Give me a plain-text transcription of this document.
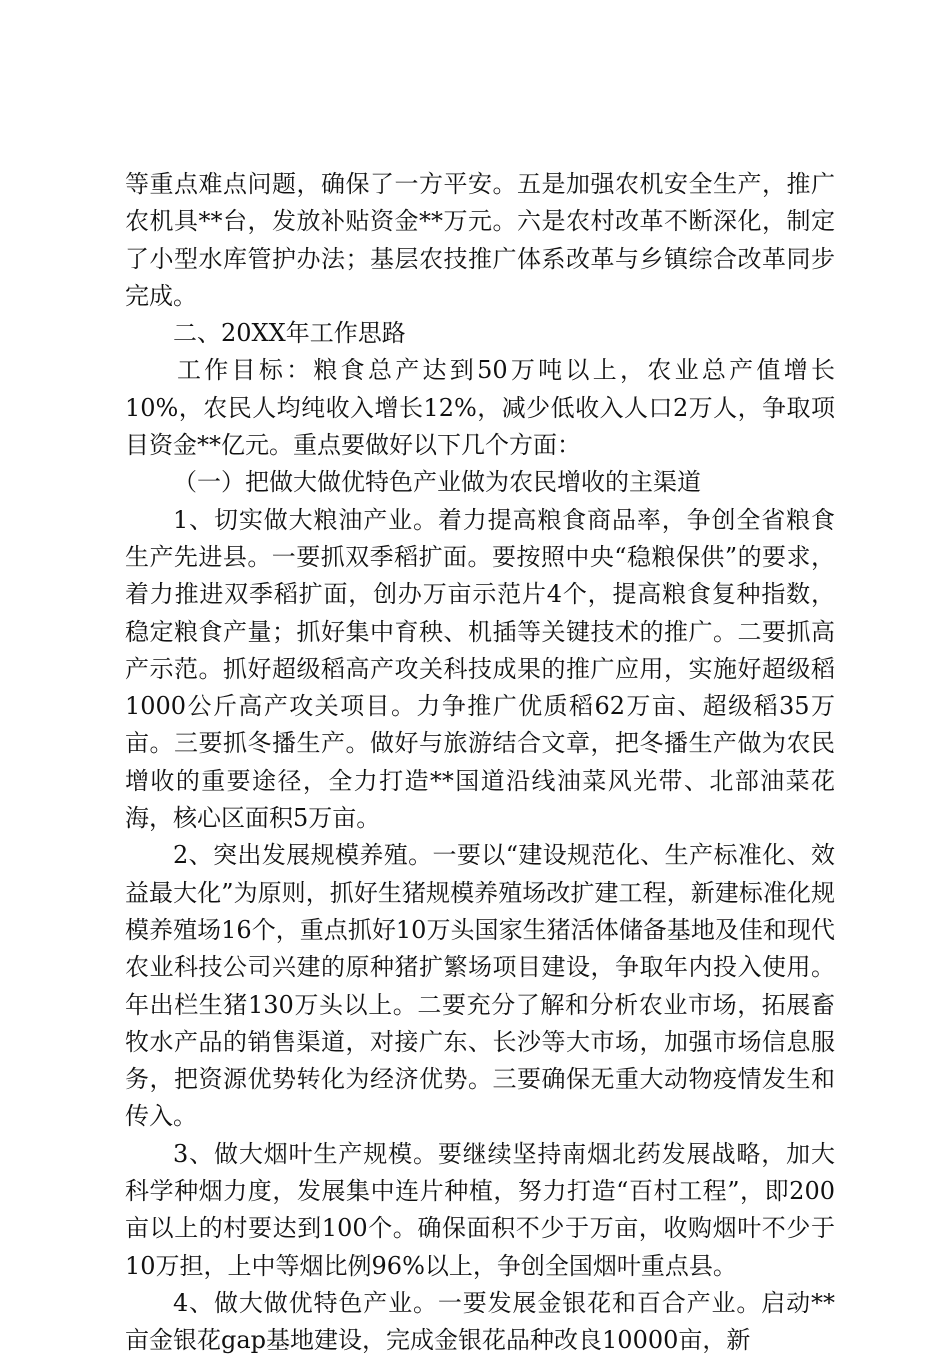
等重点难点问题，确保了一方平安。五是加强农机安全生产，推广农机具**台，发放补贴资金**万元。六是农村改革不断深化，制定了小型水库管护办法；基层农技推广体系改革与乡镇综合改革同步完成。

二、20XX年工作思路

工作目标：粮食总产达到50万吨以上，农业总产值增长10%，农民人均纯收入增长12%，减少低收入人口2万人，争取项目资金**亿元。重点要做好以下几个方面：

（一）把做大做优特色产业做为农民增收的主渠道

1、切实做大粮油产业。着力提高粮食商品率，争创全省粮食生产先进县。一要抓双季稻扩面。要按照中央“稳粮保供”的要求，着力推进双季稻扩面，创办万亩示范片4个，提高粮食复种指数，稳定粮食产量；抓好集中育秧、机插等关键技术的推广。二要抓高产示范。抓好超级稻高产攻关科技成果的推广应用，实施好超级稻1000公斤高产攻关项目。力争推广优质稻62万亩、超级稻35万亩。三要抓冬播生产。做好与旅游结合文章，把冬播生产做为农民增收的重要途径，全力打造**国道沿线油菜风光带、北部油菜花海，核心区面积5万亩。

2、突出发展规模养殖。一要以“建设规范化、生产标准化、效益最大化”为原则，抓好生猪规模养殖场改扩建工程，新建标准化规模养殖场16个，重点抓好10万头国家生猪活体储备基地及佳和现代农业科技公司兴建的原种猪扩繁场项目建设，争取年内投入使用。年出栏生猪130万头以上。二要充分了解和分析农业市场，拓展畜牧水产品的销售渠道，对接广东、长沙等大市场，加强市场信息服务，把资源优势转化为经济优势。三要确保无重大动物疫情发生和传入。

3、做大烟叶生产规模。要继续坚持南烟北药发展战略，加大科学种烟力度，发展集中连片种植，努力打造“百村工程”，即200亩以上的村要达到100个。确保面积不少于万亩，收购烟叶不少于10万担，上中等烟比例96%以上，争创全国烟叶重点县。

4、做大做优特色产业。一要发展金银花和百合产业。启动**亩金银花gap基地建设，完成金银花品种改良10000亩，新
